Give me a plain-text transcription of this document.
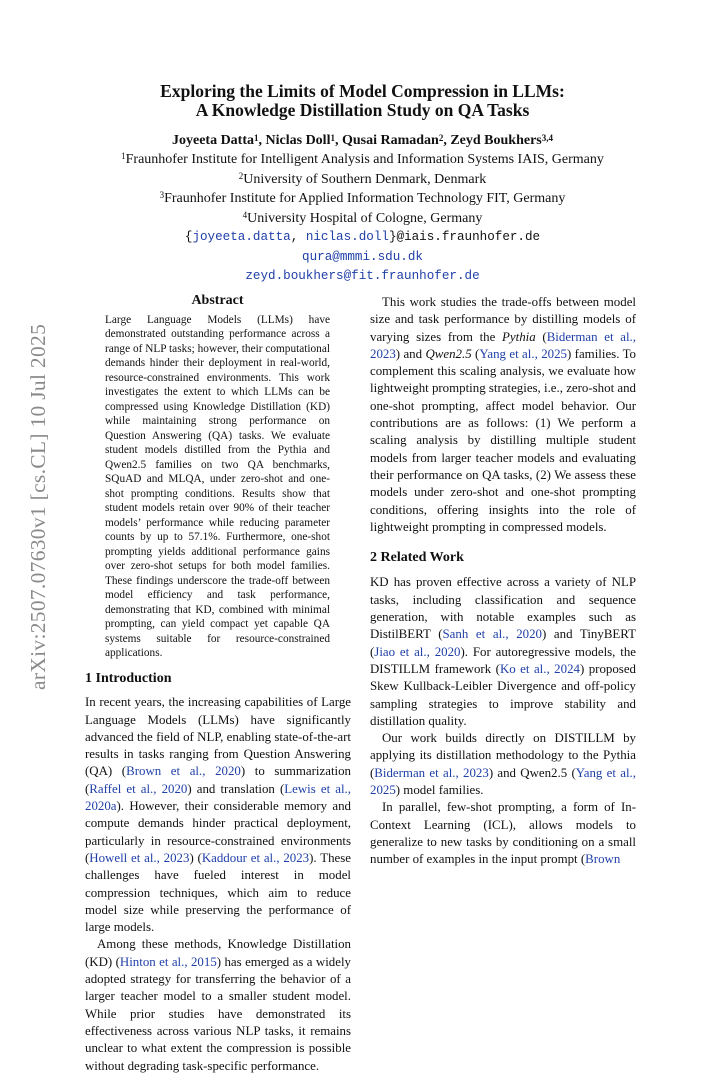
arXiv:2507.07630v1 [cs.CL] 10 Jul 2025
Exploring the Limits of Model Compression in LLMs:
A Knowledge Distillation Study on QA Tasks
Joyeeta Datta$^1$, Niclas Doll$^1$, Qusai Ramadan$^2$, Zeyd Boukhers$^{3,4}$
$^1$Fraunhofer Institute for Intelligent Analysis and Information Systems IAIS, Germany
$^2$University of Southern Denmark, Denmark
$^3$Fraunhofer Institute for Applied Information Technology FIT, Germany
$^4$University Hospital of Cologne, Germany
{joyeeta.datta, niclas.doll}@iais.fraunhofer.de
qura@mmmi.sdu.dk
zeyd.boukhers@fit.fraunhofer.de
Abstract

Large Language Models (LLMs) have demonstrated outstanding performance across a range of NLP tasks; however, their computational demands hinder their deployment in real-world, resource-constrained environments. This work investigates the extent to which LLMs can be compressed using Knowledge Distillation (KD) while maintaining strong performance on Question Answering (QA) tasks. We evaluate student models distilled from the Pythia and Qwen2.5 families on two QA benchmarks, SQuAD and MLQA, under zero-shot and one-shot prompting conditions. Results show that student models retain over 90% of their teacher models’ performance while reducing parameter counts by up to 57.1%. Furthermore, one-shot prompting yields additional performance gains over zero-shot setups for both model families. These findings underscore the trade-off between model efficiency and task performance, demonstrating that KD, combined with minimal prompting, can yield compact yet capable QA systems suitable for resource-constrained applications.

1 Introduction

In recent years, the increasing capabilities of Large Language Models (LLMs) have significantly advanced the field of NLP, enabling state-of-the-art results in tasks ranging from Question Answering (QA) (Brown et al., 2020) to summarization (Raffel et al., 2020) and translation (Lewis et al., 2020a). However, their considerable memory and compute demands hinder practical deployment, particularly in resource-constrained environments (Howell et al., 2023) (Kaddour et al., 2023). These challenges have fueled interest in model compression techniques, which aim to reduce model size while preserving the performance of large models.

Among these methods, Knowledge Distillation (KD) (Hinton et al., 2015) has emerged as a widely adopted strategy for transferring the behavior of a larger teacher model to a smaller student model. While prior studies have demonstrated its effectiveness across various NLP tasks, it remains unclear to what extent the compression is possible without degrading task-specific performance.

This work studies the trade-offs between model size and task performance by distilling models of varying sizes from the Pythia (Biderman et al., 2023) and Qwen2.5 (Yang et al., 2025) families. To complement this scaling analysis, we evaluate how lightweight prompting strategies, i.e., zero-shot and one-shot prompting, affect model behavior. Our contributions are as follows: (1) We perform a scaling analysis by distilling multiple student models from larger teacher models and evaluating their performance on QA tasks, (2) We assess these models under zero-shot and one-shot prompting conditions, offering insights into the role of lightweight prompting in compressed models.

2 Related Work

KD has proven effective across a variety of NLP tasks, including classification and sequence generation, with notable examples such as DistilBERT (Sanh et al., 2020) and TinyBERT (Jiao et al., 2020). For autoregressive models, the DISTILLM framework (Ko et al., 2024) proposed Skew Kullback-Leibler Divergence and off-policy sampling strategies to improve stability and distillation quality.

Our work builds directly on DISTILLM by applying its distillation methodology to the Pythia (Biderman et al., 2023) and Qwen2.5 (Yang et al., 2025) model families.

In parallel, few-shot prompting, a form of In-Context Learning (ICL), allows models to generalize to new tasks by conditioning on a small number of examples in the input prompt (Brown
